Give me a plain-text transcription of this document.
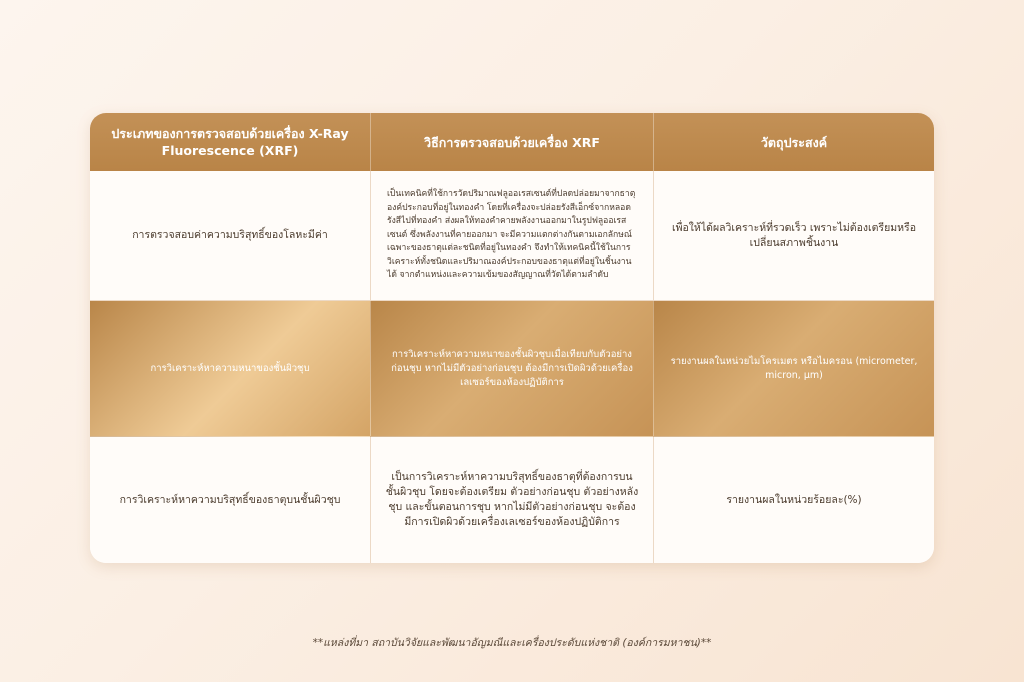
ประเภทของการตรวจสอบด้วยเครื่อง X-Ray Fluorescence (XRF)
วิธีการตรวจสอบด้วยเครื่อง XRF	วัตถุประสงค์
การตรวจสอบค่าความบริสุทธิ์ของโลหะมีค่า
เป็นเทคนิคที่ใช้การวัดปริมาณฟลูออเรสเซนต์ที่ปลดปล่อยมาจากธาตุองค์ประกอบที่อยู่ในทองคำ โดยที่เครื่องจะปล่อยรังสีเอ็กซ์จากหลอดรังสีไปที่ทองคำ ส่งผลให้ทองคำคายพลังงานออกมาในรูปฟลูออเรสเซนต์ ซึ่งพลังงานที่คายออกมา จะมีความแตกต่างกันตามเอกลักษณ์เฉพาะของธาตุแต่ละชนิดที่อยู่ในทองคำ จึงทำให้เทคนิคนี้ใช้ในการวิเคราะห์ทั้งชนิดและปริมาณองค์ประกอบของธาตุแต่ที่อยู่ในชิ้นงานได้ จากตำแหน่งและความเข้มของสัญญาณที่วัดได้ตามลำดับ
เพื่อให้ได้ผลวิเคราะห์ที่รวดเร็ว เพราะไม่ต้องเตรียมหรือเปลี่ยนสภาพชิ้นงาน
การวิเคราะห์หาความหนาของชั้นผิวชุบ
การวิเคราะห์หาความหนาของชั้นผิวชุบเมื่อเทียบกับตัวอย่างก่อนชุบ หากไม่มีตัวอย่างก่อนชุบ ต้องมีการเปิดผิวด้วยเครื่องเลเซอร์ของห้องปฏิบัติการ
รายงานผลในหน่วยไมโครเมตร หรือไมครอน (micrometer, micron, µm)
การวิเคราะห์หาความบริสุทธิ์ของธาตุบนชั้นผิวชุบ
เป็นการวิเคราะห์หาความบริสุทธิ์ของธาตุที่ต้องการบนชั้นผิวชุบ โดยจะต้องเตรียม ตัวอย่างก่อนชุบ ตัวอย่างหลังชุบ และขั้นตอนการชุบ หากไม่มีตัวอย่างก่อนชุบ จะต้องมีการเปิดผิวด้วยเครื่องเลเซอร์ของห้องปฏิบัติการ
รายงานผลในหน่วยร้อยละ(%)
**แหล่งที่มา สถาบันวิจัยและพัฒนาอัญมณีและเครื่องประดับแห่งชาติ (องค์การมหาชน)**
